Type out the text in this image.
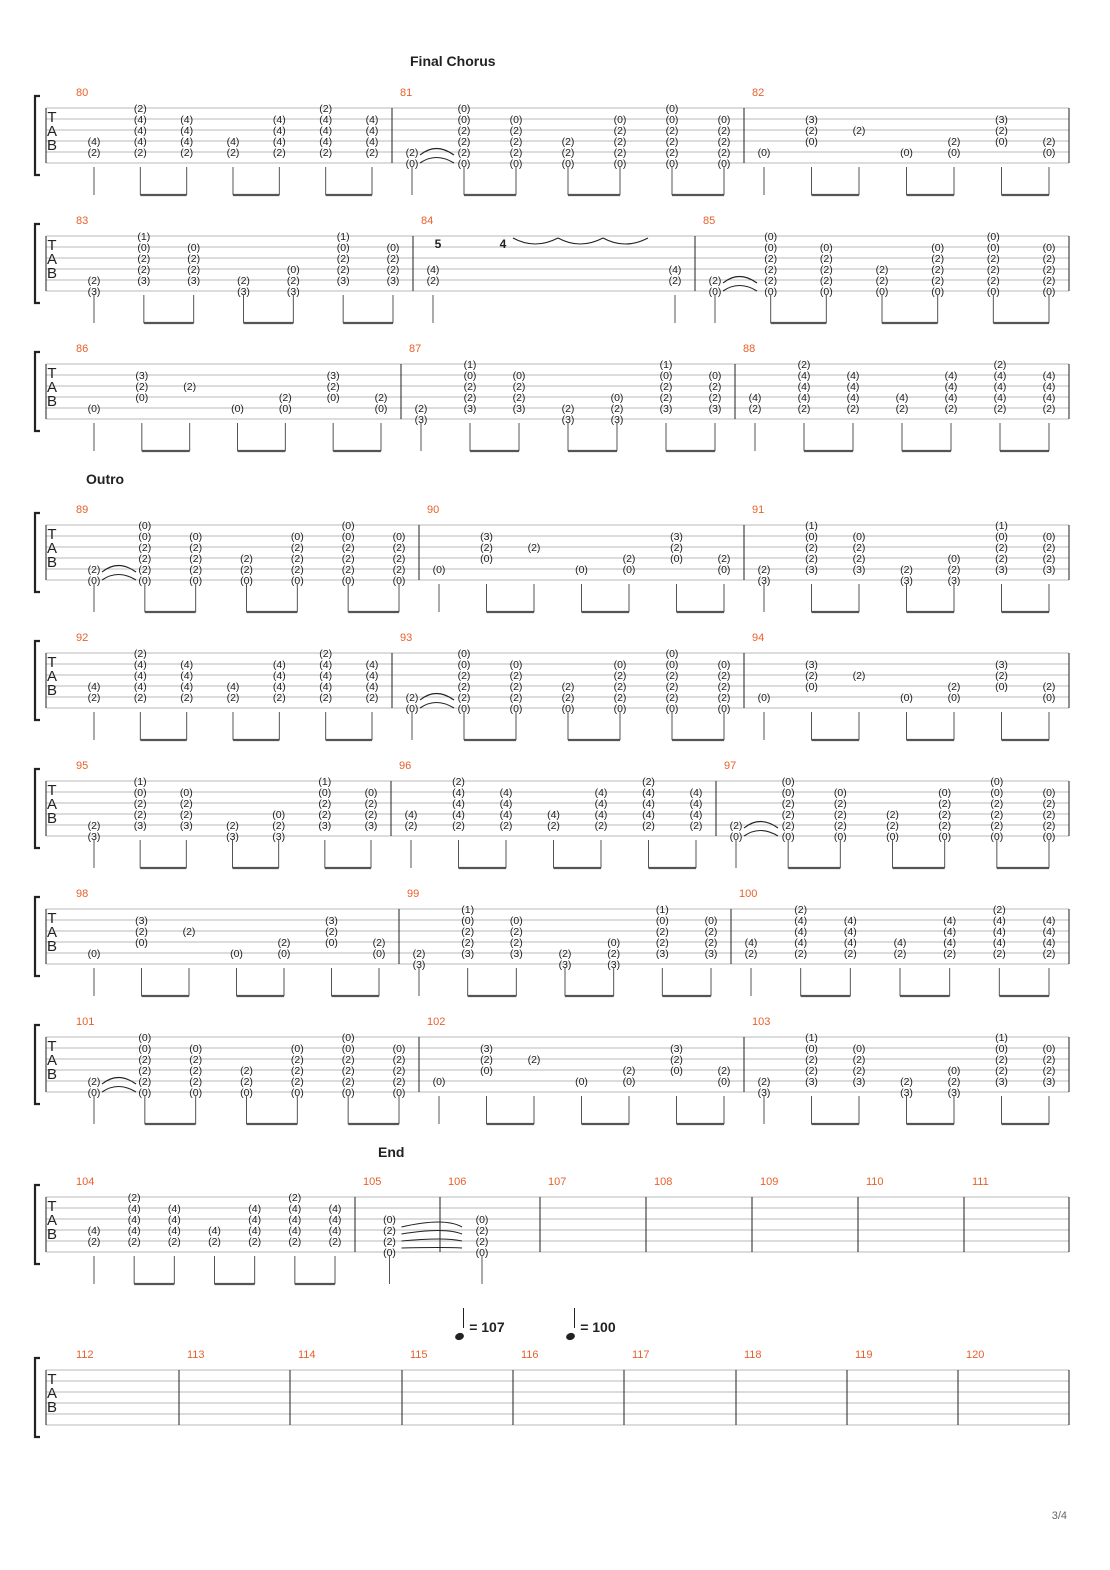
T
A
B
80
(4)
(2)
(2)
(4)
(4)
(4)
(2)
(4)
(4)
(4)
(2)
(4)
(2)
(4)
(4)
(4)
(2)
(2)
(4)
(4)
(4)
(2)
(4)
(4)
(4)
(2)
81
(2)
(0)
(0)
(0)
(2)
(2)
(2)
(0)
(0)
(2)
(2)
(2)
(0)
(2)
(2)
(0)
(0)
(2)
(2)
(2)
(0)
(0)
(0)
(2)
(2)
(2)
(0)
(0)
(2)
(2)
(2)
(0)
82
(0)
(3)
(2)
(0)
(2)
(0)
(2)
(0)
(3)
(2)
(0)	(2)
(0)
T
A
B
83
(2)
(3)
(1)
(0)
(2)
(2)
(3)
(0)
(2)
(2)
(3)	(2)
(3)
(0)
(2)
(3)
(1)
(0)
(2)
(2)
(3)
(0)
(2)
(2)
(3)
84
(4)
(2)
(4)
(2)
5	4
85
(2)
(0)
(0)
(0)
(2)
(2)
(2)
(0)
(0)
(2)
(2)
(2)
(0)
(2)
(2)
(0)
(0)
(2)
(2)
(2)
(0)
(0)
(0)
(2)
(2)
(2)
(0)
(0)
(2)
(2)
(2)
(0)
T
A
B
86
(0)
(3)
(2)
(0)
(2)
(0)
(2)
(0)
(3)
(2)
(0)	(2)
(0)
87
(2)
(3)
(1)
(0)
(2)
(2)
(3)
(0)
(2)
(2)
(3)	(2)
(3)
(0)
(2)
(3)
(1)
(0)
(2)
(2)
(3)
(0)
(2)
(2)
(3)
88
(4)
(2)
(2)
(4)
(4)
(4)
(2)
(4)
(4)
(4)
(2)
(4)
(2)
(4)
(4)
(4)
(2)
(2)
(4)
(4)
(4)
(2)
(4)
(4)
(4)
(2)
T
A
B
89
(2)
(0)
(0)
(0)
(2)
(2)
(2)
(0)
(0)
(2)
(2)
(2)
(0)
(2)
(2)
(0)
(0)
(2)
(2)
(2)
(0)
(0)
(0)
(2)
(2)
(2)
(0)
(0)
(2)
(2)
(2)
(0)
90
(0)
(3)
(2)
(0)
(2)
(0)
(2)
(0)
(3)
(2)
(0)	(2)
(0)
91
(2)
(3)
(1)
(0)
(2)
(2)
(3)
(0)
(2)
(2)
(3)	(2)
(3)
(0)
(2)
(3)
(1)
(0)
(2)
(2)
(3)
(0)
(2)
(2)
(3)
T
A
B
92
(4)
(2)
(2)
(4)
(4)
(4)
(2)
(4)
(4)
(4)
(2)
(4)
(2)
(4)
(4)
(4)
(2)
(2)
(4)
(4)
(4)
(2)
(4)
(4)
(4)
(2)
93
(2)
(0)
(0)
(0)
(2)
(2)
(2)
(0)
(0)
(2)
(2)
(2)
(0)
(2)
(2)
(0)
(0)
(2)
(2)
(2)
(0)
(0)
(0)
(2)
(2)
(2)
(0)
(0)
(2)
(2)
(2)
(0)
94
(0)
(3)
(2)
(0)
(2)
(0)
(2)
(0)
(3)
(2)
(0)	(2)
(0)
T
A
B
95
(2)
(3)
(1)
(0)
(2)
(2)
(3)
(0)
(2)
(2)
(3)	(2)
(3)
(0)
(2)
(3)
(1)
(0)
(2)
(2)
(3)
(0)
(2)
(2)
(3)
96
(4)
(2)
(2)
(4)
(4)
(4)
(2)
(4)
(4)
(4)
(2)
(4)
(2)
(4)
(4)
(4)
(2)
(2)
(4)
(4)
(4)
(2)
(4)
(4)
(4)
(2)
97
(2)
(0)
(0)
(0)
(2)
(2)
(2)
(0)
(0)
(2)
(2)
(2)
(0)
(2)
(2)
(0)
(0)
(2)
(2)
(2)
(0)
(0)
(0)
(2)
(2)
(2)
(0)
(0)
(2)
(2)
(2)
(0)
T
A
B
98
(0)
(3)
(2)
(0)
(2)
(0)
(2)
(0)
(3)
(2)
(0)	(2)
(0)
99
(2)
(3)
(1)
(0)
(2)
(2)
(3)
(0)
(2)
(2)
(3)	(2)
(3)
(0)
(2)
(3)
(1)
(0)
(2)
(2)
(3)
(0)
(2)
(2)
(3)
100
(4)
(2)
(2)
(4)
(4)
(4)
(2)
(4)
(4)
(4)
(2)
(4)
(2)
(4)
(4)
(4)
(2)
(2)
(4)
(4)
(4)
(2)
(4)
(4)
(4)
(2)
T
A
B
101
(2)
(0)
(0)
(0)
(2)
(2)
(2)
(0)
(0)
(2)
(2)
(2)
(0)
(2)
(2)
(0)
(0)
(2)
(2)
(2)
(0)
(0)
(0)
(2)
(2)
(2)
(0)
(0)
(2)
(2)
(2)
(0)
102
(0)
(3)
(2)
(0)
(2)
(0)
(2)
(0)
(3)
(2)
(0)	(2)
(0)
103
(2)
(3)
(1)
(0)
(2)
(2)
(3)
(0)
(2)
(2)
(3)	(2)
(3)
(0)
(2)
(3)
(1)
(0)
(2)
(2)
(3)
(0)
(2)
(2)
(3)
T
A
B
104
(4)
(2)
(2)
(4)
(4)
(4)
(2)
(4)
(4)
(4)
(2)
(4)
(2)
(4)
(4)
(4)
(2)
(2)
(4)
(4)
(4)
(2)
(4)
(4)
(4)
(2)
105
(0)
(2)
(2)
(0)
106
(0)
(2)
(2)
(0)
107	108	109	110	111
T
A
B
112	113	114	115	116	117	118	119	120
Final Chorus
Outro
End
= 107	= 100
3/4
